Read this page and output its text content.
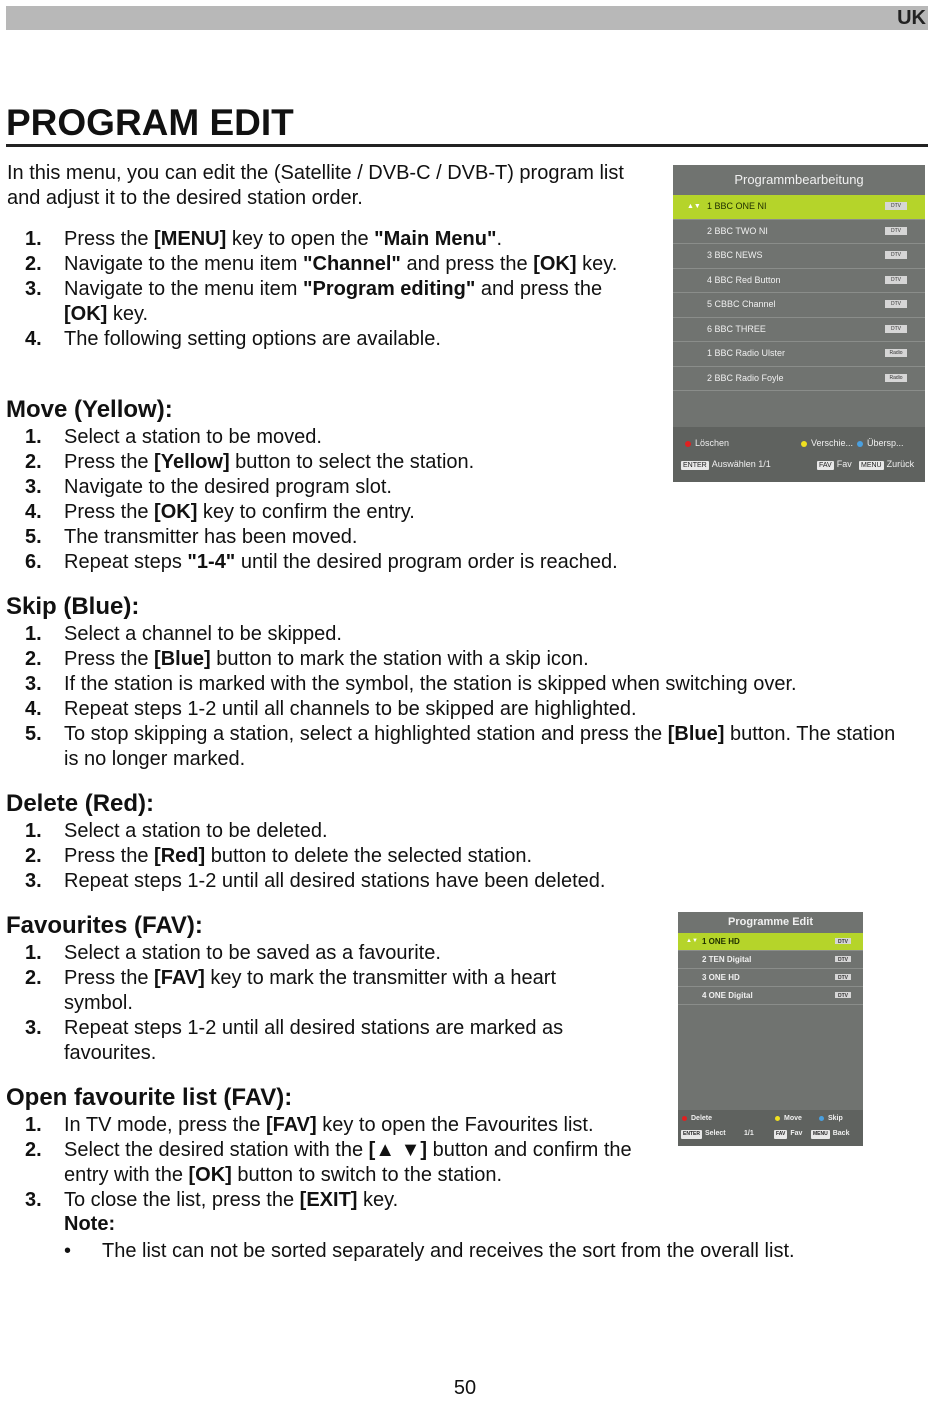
UK
PROGRAM EDIT

In this menu, you can edit the (Satellite / DVB-C / DVB-T) program list and adjust it to the desired station order.

1. Press the [MENU] key to open the "Main Menu".
2. Navigate to the menu item "Channel" and press the [OK] key.
3. Navigate to the menu item "Program editing" and press the [OK] key.
4. The following setting options are available.
Move (Yellow):
1. Select a station to be moved.
2. Press the [Yellow] button to select the station.
3. Navigate to the desired program slot.
4. Press the [OK] key to confirm the entry.
5. The transmitter has been moved.
6. Repeat steps "1-4" until the desired program order is reached.
Skip (Blue):
1. Select a channel to be skipped.
2. Press the [Blue] button to mark the station with a skip icon.
3. If the station is marked with the symbol, the station is skipped when switching over.
4. Repeat steps 1-2 until all channels to be skipped are highlighted.
5. To stop skipping a station, select a highlighted station and press the [Blue] button. The station is no longer marked.
Delete (Red):
1. Select a station to be deleted.
2. Press the [Red] button to delete the selected station.
3. Repeat steps 1-2 until all desired stations have been deleted.
Favourites (FAV):
1. Select a station to be saved as a favourite.
2. Press the [FAV] key to mark the transmitter with a heart symbol.
3. Repeat steps 1-2 until all desired stations are marked as favourites.
Open favourite list (FAV):
1. In TV mode, press the [FAV] key to open the Favourites list.
2. Select the desired station with the [▲ ▼] button and confirm the entry with the [OK] button to switch to the station.
3. To close the list, press the [EXIT] key.
Note:
• The list can not be sorted separately and receives the sort from the overall list.
50
Programmbearbeitung
▲▼ 1 BBC ONE NI	DTV
2 BBC TWO NI	DTV
3 BBC NEWS	DTV
4 BBC Red Button	DTV
5 CBBC Channel	DTV
6 BBC THREE	DTV
1 BBC Radio Ulster	Radio
2 BBC Radio Foyle	Radio
Löschen	Verschie...	Übersp...
ENTER Auswählen 1/1	FAV Fav MENU Zurück
Programme Edit
▲▼ 1 ONE HD	DTV
2 TEN Digital	DTV
3 ONE HD	DTV
4 ONE Digital	DTV
Delete	Move	Skip
ENTER Select	1/1	FAV Fav	MENU Back
